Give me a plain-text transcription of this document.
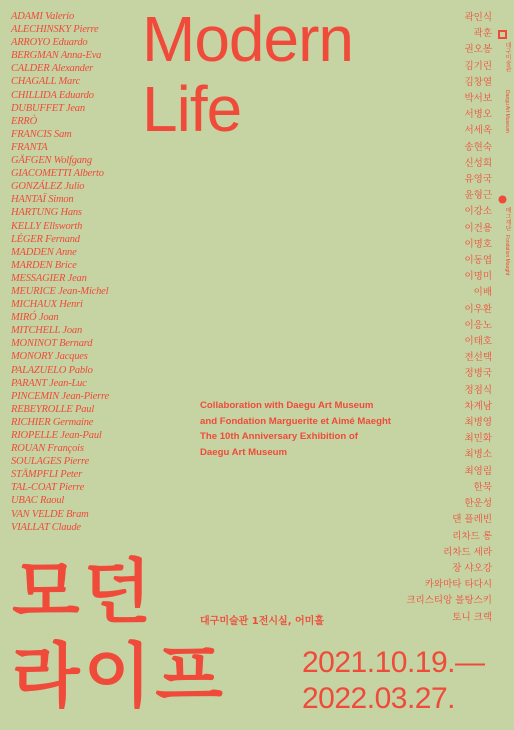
ADAMI Valerio
ALECHINSKY Pierre
ARROYO Eduardo
BERGMAN Anna-Eva
CALDER Alexander
CHAGALL Marc
CHILLIDA Eduardo
DUBUFFET Jean
ERRÒ
FRANCIS Sam
FRANTA
GÄFGEN Wolfgang
GIACOMETTI Alberto
GONZÁLEZ Julio
HANTAÏ Simon
HARTUNG Hans
KELLY Ellsworth
LÉGER Fernand
MADDEN Anne
MARDEN Brice
MESSAGIER Jean
MEURICE Jean-Michel
MICHAUX Henri
MIRÓ Joan
MITCHELL Joan
MONINOT Bernard
MONORY Jacques
PALAZUELO Pablo
PARANT Jean-Luc
PINCEMIN Jean-Pierre
REBEYROLLE Paul
RICHIER Germaine
RIOPELLE Jean-Paul
ROUAN François
SOULAGES Pierre
STÄMPFLI Peter
TAL-COAT Pierre
UBAC Raoul
VAN VELDE Bram
VIALLAT Claude
Modern
Life
곽인식
곽훈
권오봉
김기린
김창열
박서보
서병오
서세옥
송현숙
신성희
유영국
윤형근
이강소
이건용
이명호
이동엽
이명미
이배
이우환
이응노
이태호
전선택
정병국
정점식
차계남
최병영
최민화
최병소
최영림
한묵
한운성
댄 플레빈
리차드 롱
리차드 세라
장 샤오강
카와마타 타다시
크리스티앙 볼탕스키
토니 크랙
대구미술관
Daegu Art Museum
매그재단
Fondation Maeght
Collaboration with Daegu Art Museum
and Fondation Marguerite et Aimé Maeght
The 10th Anniversary Exhibition of
Daegu Art Museum
모던
라이프
대구미술관 1전시실, 어미홀
2021.10.19.—
2022.03.27.
